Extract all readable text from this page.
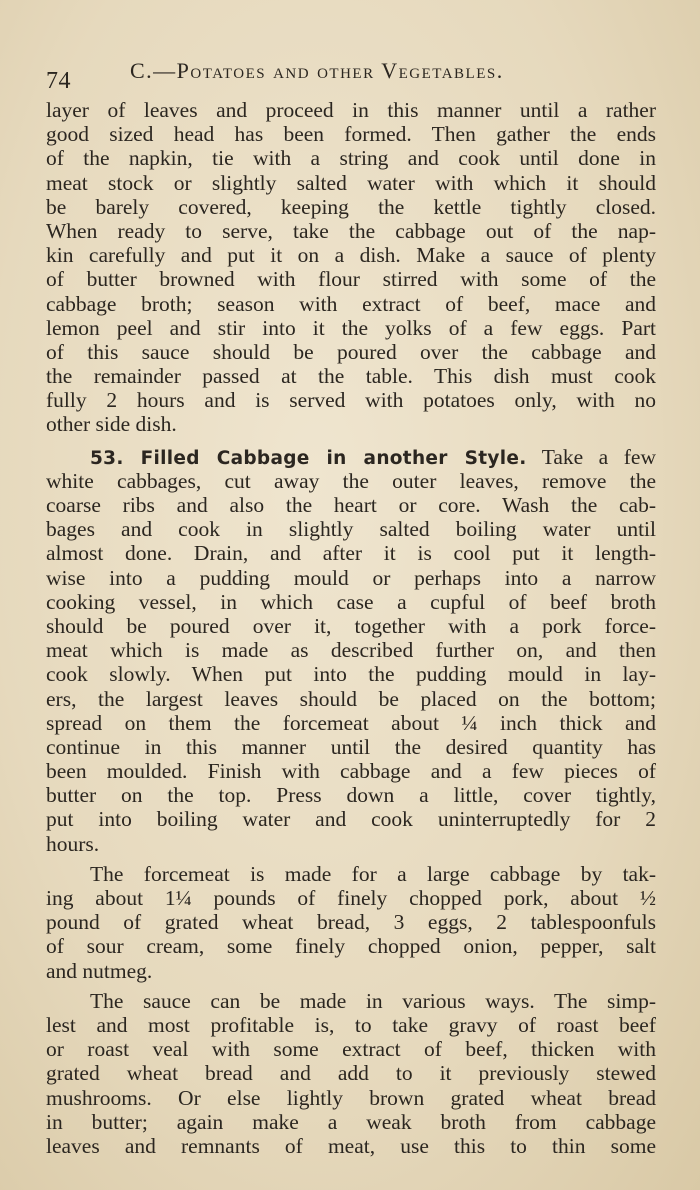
74	C.—Potatoes and other Vegetables.
layer of leaves and proceed in this manner until a rather
good sized head has been formed. Then gather the ends
of the napkin, tie with a string and cook until done in
meat stock or slightly salted water with which it should
be barely covered, keeping the kettle tightly closed.
When ready to serve, take the cabbage out of the nap-
kin carefully and put it on a dish. Make a sauce of plenty
of butter browned with flour stirred with some of the
cabbage broth; season with extract of beef, mace and
lemon peel and stir into it the yolks of a few eggs. Part
of this sauce should be poured over the cabbage and
the remainder passed at the table. This dish must cook
fully 2 hours and is served with potatoes only, with no
other side dish.
53. Filled Cabbage in another Style. Take a few
white cabbages, cut away the outer leaves, remove the
coarse ribs and also the heart or core. Wash the cab-
bages and cook in slightly salted boiling water until
almost done. Drain, and after it is cool put it length-
wise into a pudding mould or perhaps into a narrow
cooking vessel, in which case a cupful of beef broth
should be poured over it, together with a pork force-
meat which is made as described further on, and then
cook slowly. When put into the pudding mould in lay-
ers, the largest leaves should be placed on the bottom;
spread on them the forcemeat about ¼ inch thick and
continue in this manner until the desired quantity has
been moulded. Finish with cabbage and a few pieces of
butter on the top. Press down a little, cover tightly,
put into boiling water and cook uninterruptedly for 2
hours.
The forcemeat is made for a large cabbage by tak-
ing about 1¼ pounds of finely chopped pork, about ½
pound of grated wheat bread, 3 eggs, 2 tablespoonfuls
of sour cream, some finely chopped onion, pepper, salt
and nutmeg.
The sauce can be made in various ways. The simp-
lest and most profitable is, to take gravy of roast beef
or roast veal with some extract of beef, thicken with
grated wheat bread and add to it previously stewed
mushrooms. Or else lightly brown grated wheat bread
in butter; again make a weak broth from cabbage
leaves and remnants of meat, use this to thin some
